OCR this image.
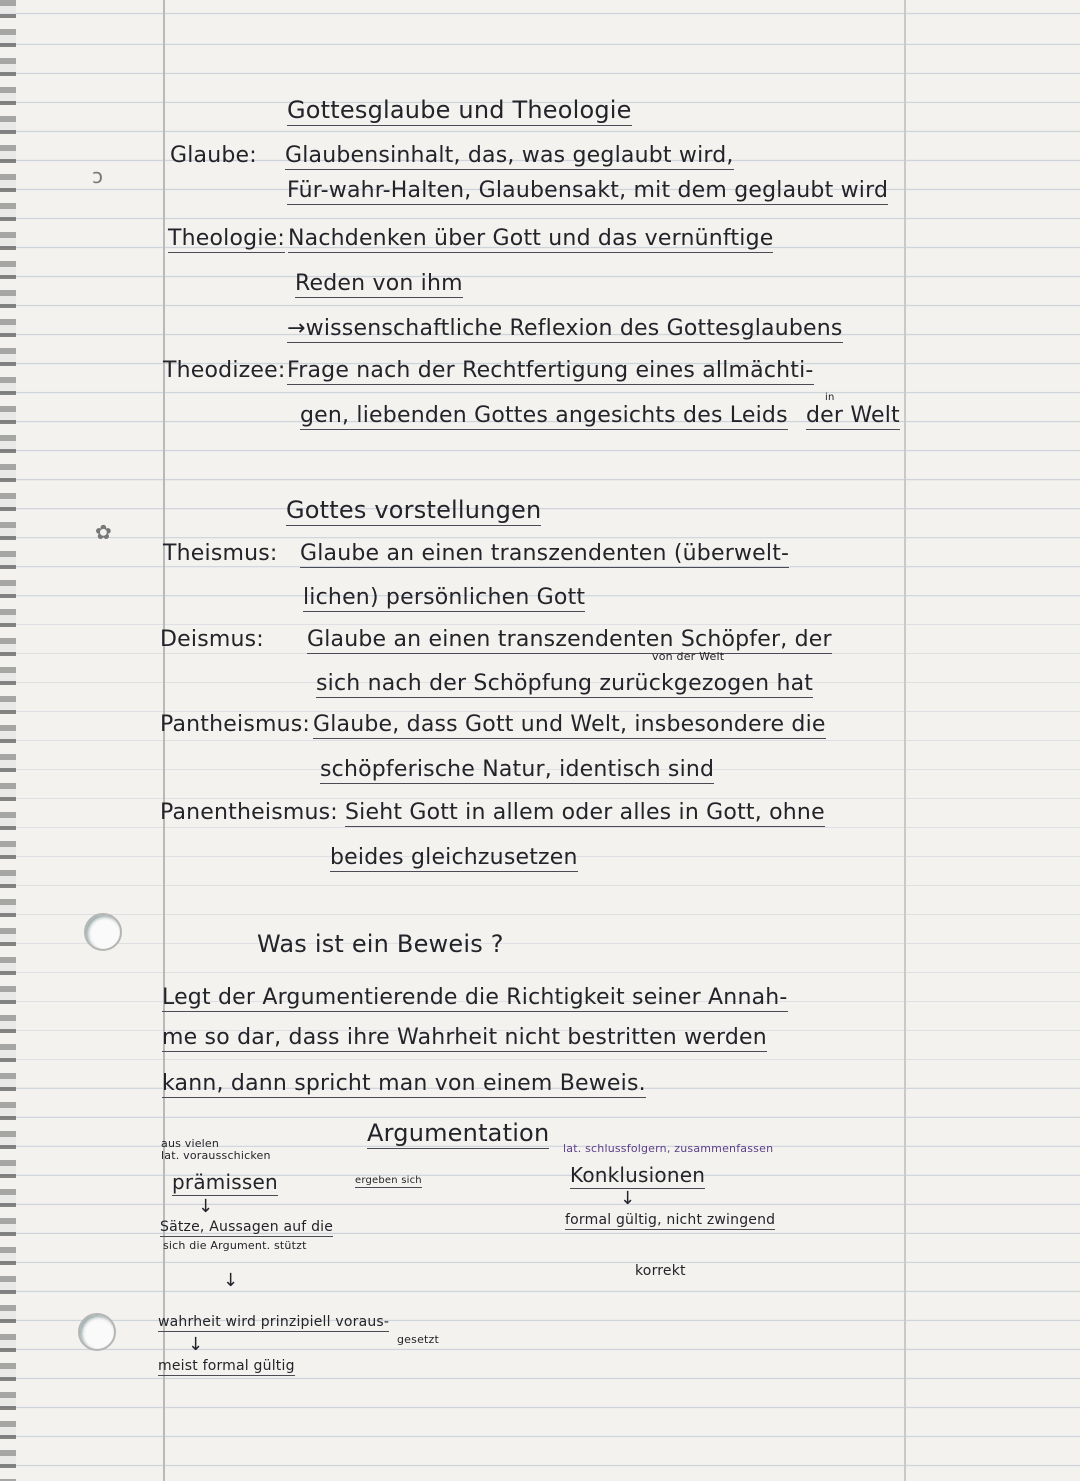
ↄ
✿
Gottesglaube und Theologie
Glaube: Glaubensinhalt, das, was geglaubt wird,
Für-wahr-Halten, Glaubensakt, mit dem geglaubt wird
Theologie: Nachdenken über Gott und das vernünftige
Reden von ihm
→wissenschaftliche Reflexion des Gottesglaubens
Theodizee: Frage nach der Rechtfertigung eines allmächti-
gen, liebenden Gottes angesichts des Leids
in
der Welt
Gottes vorstellungen
Theismus: Glaube an einen transzendenten (überwelt-
lichen) persönlichen Gott
Deismus: Glaube an einen transzendenten Schöpfer, der
von der Welt
sich nach der Schöpfung zurückgezogen hat
Pantheismus: Glaube, dass Gott und Welt, insbesondere die
schöpferische Natur, identisch sind
Panentheismus: Sieht Gott in allem oder alles in Gott, ohne
beides gleichzusetzen
Was ist ein Beweis ?
Legt der Argumentierende die Richtigkeit seiner Annah-
me so dar, dass ihre Wahrheit nicht bestritten werden
kann, dann spricht man von einem Beweis.
Argumentation
aus vielen
lat. vorausschicken
prämissen	ergeben sich
↓
Sätze, Aussagen auf die
sich die Argument. stützt
↓
wahrheit wird prinzipiell voraus-
gesetzt
↓
meist formal gültig
lat. schlussfolgern, zusammenfassen
Konklusionen
↓
formal gültig, nicht zwingend
korrekt
